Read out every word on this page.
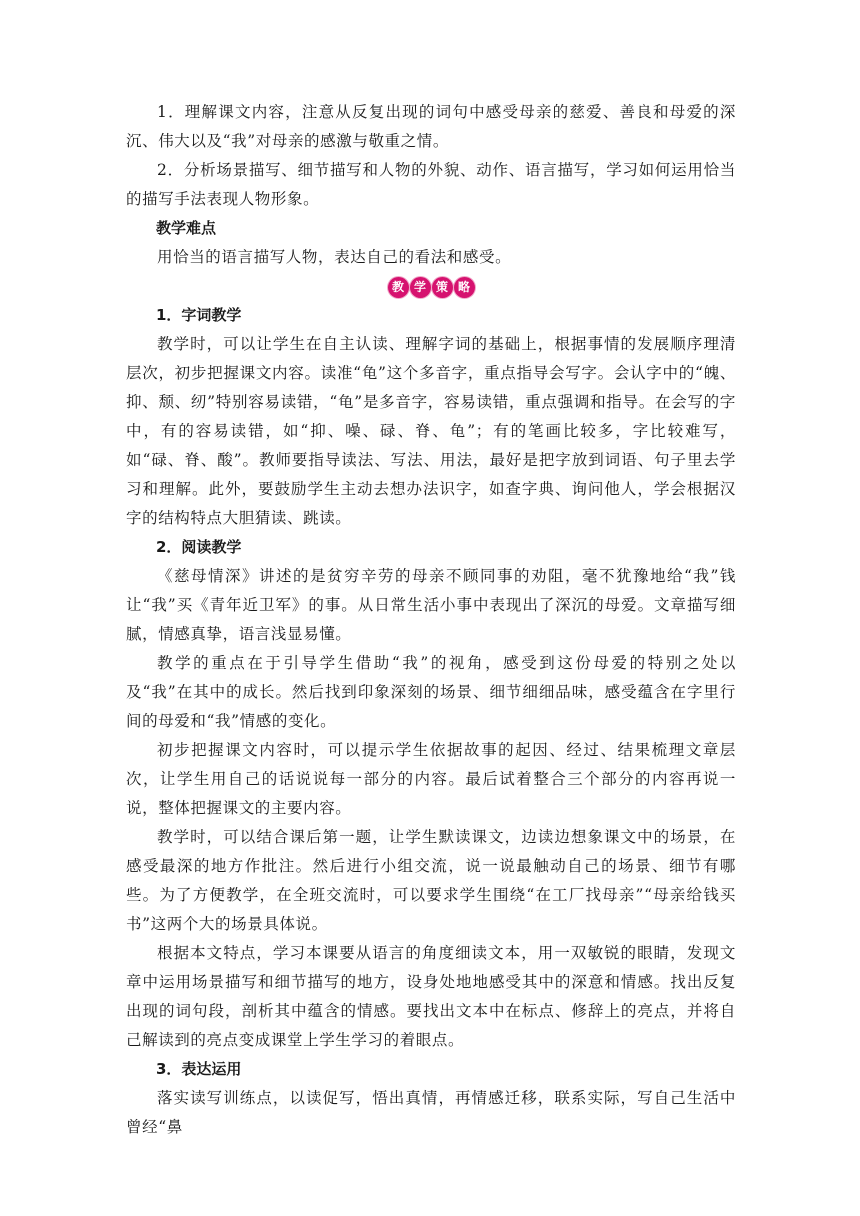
1．理解课文内容，注意从反复出现的词句中感受母亲的慈爱、善良和母爱的深沉、伟大以及“我”对母亲的感激与敬重之情。

2．分析场景描写、细节描写和人物的外貌、动作、语言描写，学习如何运用恰当的描写手法表现人物形象。

教学难点

用恰当的语言描写人物，表达自己的看法和感受。

教 学 策 略

1．字词教学

教学时，可以让学生在自主认读、理解字词的基础上，根据事情的发展顺序理清层次，初步把握课文内容。读准“龟”这个多音字，重点指导会写字。会认字中的“魄、抑、颓、纫”特别容易读错，“龟”是多音字，容易读错，重点强调和指导。在会写的字中，有的容易读错，如“抑、噪、碌、脊、龟”；有的笔画比较多，字比较难写，如“碌、脊、酸”。教师要指导读法、写法、用法，最好是把字放到词语、句子里去学习和理解。此外，要鼓励学生主动去想办法识字，如查字典、询问他人，学会根据汉字的结构特点大胆猜读、跳读。

2．阅读教学

《慈母情深》讲述的是贫穷辛劳的母亲不顾同事的劝阻，毫不犹豫地给“我”钱让“我”买《青年近卫军》的事。从日常生活小事中表现出了深沉的母爱。文章描写细腻，情感真挚，语言浅显易懂。

教学的重点在于引导学生借助“我”的视角，感受到这份母爱的特别之处以及“我”在其中的成长。然后找到印象深刻的场景、细节细细品味，感受蕴含在字里行间的母爱和“我”情感的变化。

初步把握课文内容时，可以提示学生依据故事的起因、经过、结果梳理文章层次，让学生用自己的话说说每一部分的内容。最后试着整合三个部分的内容再说一说，整体把握课文的主要内容。

教学时，可以结合课后第一题，让学生默读课文，边读边想象课文中的场景，在感受最深的地方作批注。然后进行小组交流，说一说最触动自己的场景、细节有哪些。为了方便教学，在全班交流时，可以要求学生围绕“在工厂找母亲”“母亲给钱买书”这两个大的场景具体说。

根据本文特点，学习本课要从语言的角度细读文本，用一双敏锐的眼睛，发现文章中运用场景描写和细节描写的地方，设身处地地感受其中的深意和情感。找出反复出现的词句段，剖析其中蕴含的情感。要找出文本中在标点、修辞上的亮点，并将自己解读到的亮点变成课堂上学生学习的着眼点。

3．表达运用

落实读写训练点，以读促写，悟出真情，再情感迁移，联系实际，写自己生活中曾经“鼻
